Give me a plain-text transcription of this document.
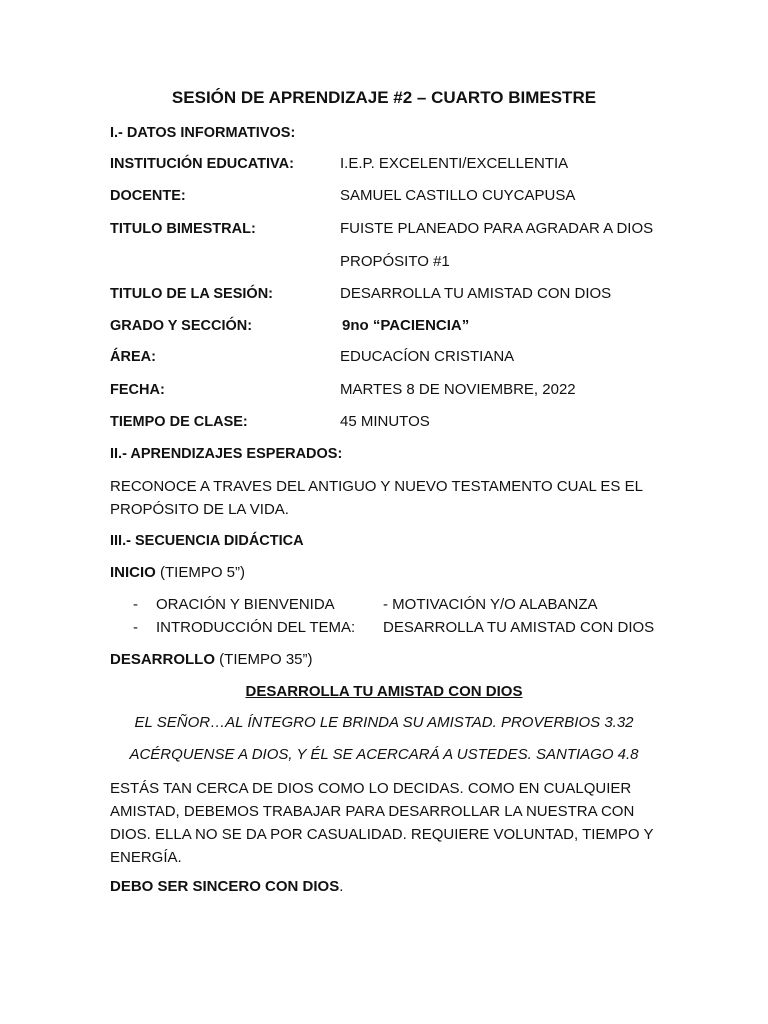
SESIÓN DE APRENDIZAJE #2 – CUARTO BIMESTRE
I.- DATOS INFORMATIVOS:
INSTITUCIÓN EDUCATIVA:	I.E.P. EXCELENTI/EXCELLENTIA
DOCENTE:	SAMUEL CASTILLO CUYCAPUSA
TITULO BIMESTRAL:	FUISTE PLANEADO PARA AGRADAR A DIOS
PROPÓSITO #1
TITULO DE LA SESIÓN:	DESARROLLA TU AMISTAD CON DIOS
GRADO Y SECCIÓN:	9no “PACIENCIA”
ÁREA:	EDUCACÍON CRISTIANA
FECHA:	MARTES 8 DE NOVIEMBRE, 2022
TIEMPO DE CLASE:	45 MINUTOS
II.- APRENDIZAJES ESPERADOS:
RECONOCE A TRAVES DEL ANTIGUO Y NUEVO TESTAMENTO CUAL ES EL PROPÓSITO DE LA VIDA.
III.- SECUENCIA DIDÁCTICA
INICIO (TIEMPO 5”)
- ORACIÓN Y BIENVENIDA	- MOTIVACIÓN Y/O ALABANZA
- INTRODUCCIÓN DEL TEMA: DESARROLLA TU AMISTAD CON DIOS
DESARROLLO (TIEMPO 35”)
DESARROLLA TU AMISTAD CON DIOS
EL SEÑOR…AL ÍNTEGRO LE BRINDA SU AMISTAD. PROVERBIOS 3.32
ACÉRQUENSE A DIOS, Y ÉL SE ACERCARÁ A USTEDES. SANTIAGO 4.8
ESTÁS TAN CERCA DE DIOS COMO LO DECIDAS. COMO EN CUALQUIER AMISTAD, DEBEMOS TRABAJAR PARA DESARROLLAR LA NUESTRA CON DIOS. ELLA NO SE DA POR CASUALIDAD. REQUIERE VOLUNTAD, TIEMPO Y ENERGÍA.
DEBO SER SINCERO CON DIOS.
